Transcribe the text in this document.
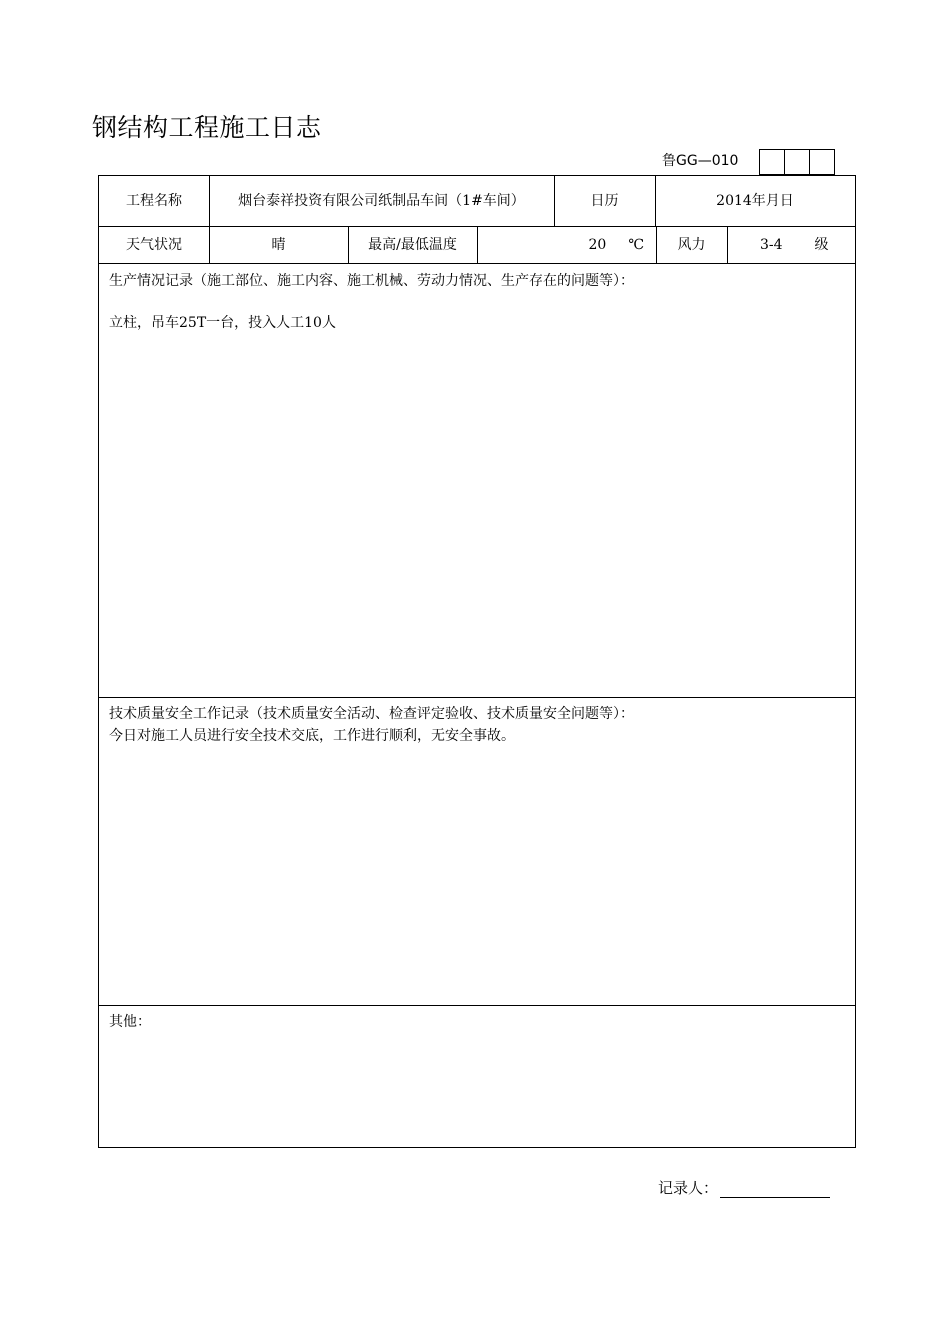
钢结构工程施工日志
鲁GG—010
工程名称	烟台泰祥投资有限公司纸制品车间（1#车间）	日历	2014年月日
天气状况	晴	最高/最低温度	20 ℃	风力	3-4 级
生产情况记录（施工部位、施工内容、施工机械、劳动力情况、生产存在的问题等）：
立柱，吊车25T一台，投入人工10人
技术质量安全工作记录（技术质量安全活动、检查评定验收、技术质量安全问题等）：
今日对施工人员进行安全技术交底，工作进行顺利，无安全事故。
其他：
记录人：
